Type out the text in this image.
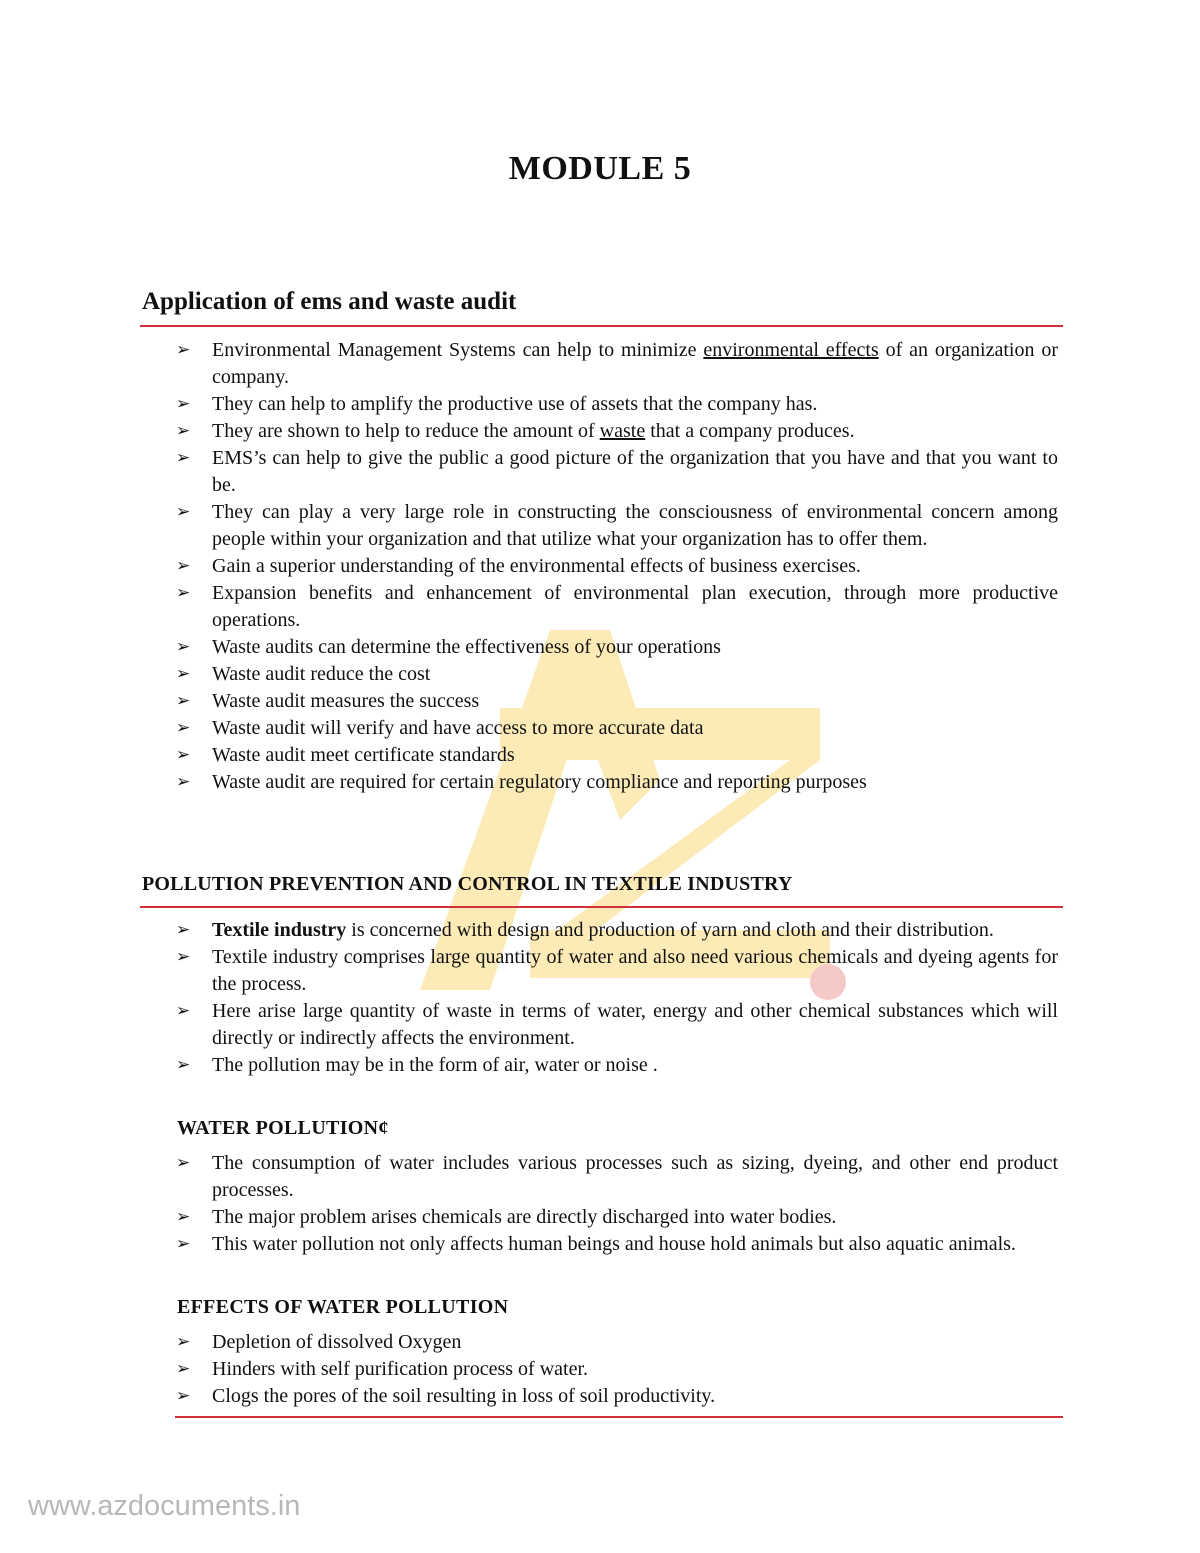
MODULE 5
Application of ems and waste audit
➢ Environmental Management Systems can help to minimize environmental effects of an organization or company.
➢ They can help to amplify the productive use of assets that the company has.
➢ They are shown to help to reduce the amount of waste that a company produces.
➢ EMS’s can help to give the public a good picture of the organization that you have and that you want to be.
➢ They can play a very large role in constructing the consciousness of environmental concern among people within your organization and that utilize what your organization has to offer them.
➢ Gain a superior understanding of the environmental effects of business exercises.
➢ Expansion benefits and enhancement of environmental plan execution, through more productive operations.
➢ Waste audits can determine the effectiveness of your operations
➢ Waste audit reduce the cost
➢ Waste audit measures the success
➢ Waste audit will verify and have access to more accurate data
➢ Waste audit meet certificate standards
➢ Waste audit are required for certain regulatory compliance and reporting purposes
POLLUTION PREVENTION AND CONTROL IN TEXTILE INDUSTRY
➢ Textile industry is concerned with design and production of yarn and cloth and their distribution.
➢ Textile industry comprises large quantity of water and also need various chemicals and dyeing agents for the process.
➢ Here arise large quantity of waste in terms of water, energy and other chemical substances which will directly or indirectly affects the environment.
➢ The pollution may be in the form of air, water or noise .
WATER POLLUTION¢
➢ The consumption of water includes various processes such as sizing, dyeing, and other end product processes.
➢ The major problem arises chemicals are directly discharged into water bodies.
➢ This water pollution not only affects human beings and house hold animals but also aquatic animals.
EFFECTS OF WATER POLLUTION
➢ Depletion of dissolved Oxygen
➢ Hinders with self purification process of water.
➢ Clogs the pores of the soil resulting in loss of soil productivity.
www.azdocuments.in
